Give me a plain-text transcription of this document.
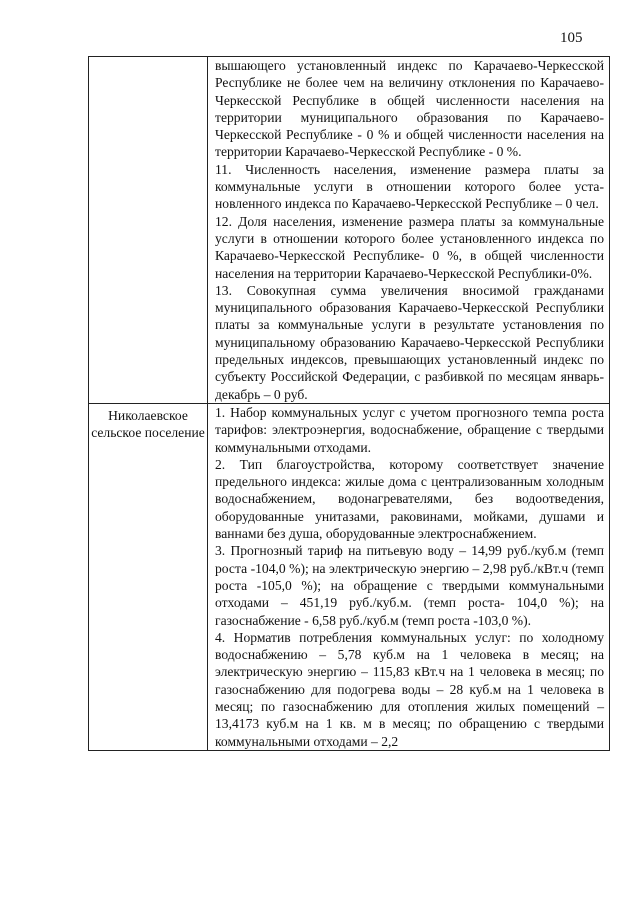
105

	вышающего установленный индекс по Карачаево-Черкесской Республике не более чем на величину отклонения по Карачаево-Черкесской Республике в общей численности населения на территории муниципального образования по Карачаево-Черкесской Республике - 0 % и общей численности населения на территории Карачаево-Черкесской Республике - 0 %.
11. Численность населения, изменение размера платы за коммунальные услуги в отношении которого более установленного индекса по Карачаево-Черкесской Республике – 0 чел.
12. Доля населения, изменение размера платы за коммунальные услуги в отношении которого более установленного индекса по Карачаево-Черкесской Республике- 0 %, в общей численности населения на территории Карачаево-Черкесской Республики-0%.
13. Совокупная сумма увеличения вносимой гражданами муниципального образования Карачаево-Черкесской Республики платы за коммунальные услуги в результате установления по муниципальному образованию Карачаево-Черкесской Республики предельных индексов, превышающих установленный индекс по субъекту Российской Федерации, с разбивкой по месяцам январь-декабрь – 0 руб.

Николаевское сельское поселение	1. Набор коммунальных услуг с учетом прогнозного темпа роста тарифов: электроэнергия, водоснабжение, обращение с твердыми коммунальными отходами.
2. Тип благоустройства, которому соответствует значение предельного индекса: жилые дома с централизованным холодным водоснабжением, водонагревателями, без водоотведения, оборудованные унитазами, раковинами, мойками, душами и ваннами без душа, оборудованные электроснабжением.
3. Прогнозный тариф на питьевую воду – 14,99 руб./куб.м (темп роста -104,0 %); на электрическую энергию – 2,98 руб./кВт.ч (темп роста -105,0 %); на обращение с твердыми коммунальными отходами – 451,19 руб./куб.м. (темп роста- 104,0 %); на газоснабжение - 6,58 руб./куб.м (темп роста -103,0 %).
4. Норматив потребления коммунальных услуг: по холодному водоснабжению – 5,78 куб.м на 1 человека в месяц; на электрическую энергию – 115,83 кВт.ч на 1 человека в месяц; по газоснабжению для подогрева воды – 28 куб.м на 1 человека в месяц; по газоснабжению для отопления жилых помещений – 13,4173 куб.м на 1 кв. м в месяц; по обращению с твердыми коммунальными отходами – 2,2
